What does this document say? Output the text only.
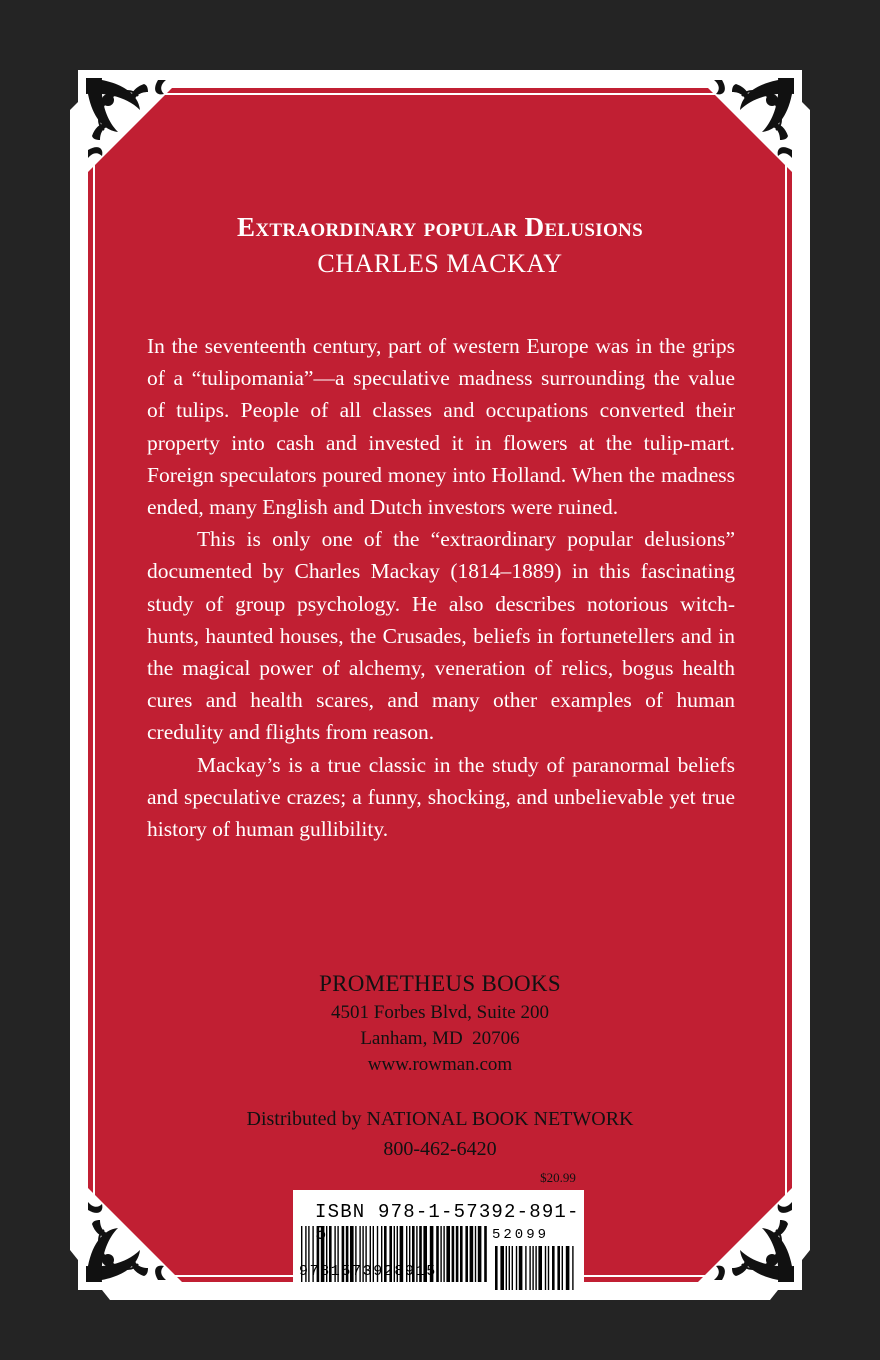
Extraordinary popular Delusions
CHARLES MACKAY

In the seventeenth century, part of western Europe was in the grips of a “tulipomania”—a speculative madness surrounding the value of tulips. People of all classes and occupations converted their property into cash and invested it in flowers at the tulip-mart. Foreign speculators poured money into Holland. When the madness ended, many English and Dutch investors were ruined.

This is only one of the “extraordinary popular delusions” documented by Charles Mackay (1814–1889) in this fascinating study of group psychology. He also describes notorious witch-hunts, haunted houses, the Crusades, beliefs in fortunetellers and in the magical power of alchemy, veneration of relics, bogus health cures and health scares, and many other examples of human credulity and flights from reason.

Mackay’s is a true classic in the study of paranormal beliefs and speculative crazes; a funny, shocking, and unbelievable yet true history of human gullibility.

PROMETHEUS BOOKS
4501 Forbes Blvd, Suite 200
Lanham, MD  20706
www.rowman.com
Distributed by NATIONAL BOOK NETWORK
800-462-6420
$20.99
ISBN 978-1-57392-891-5	52099
9781573928915
